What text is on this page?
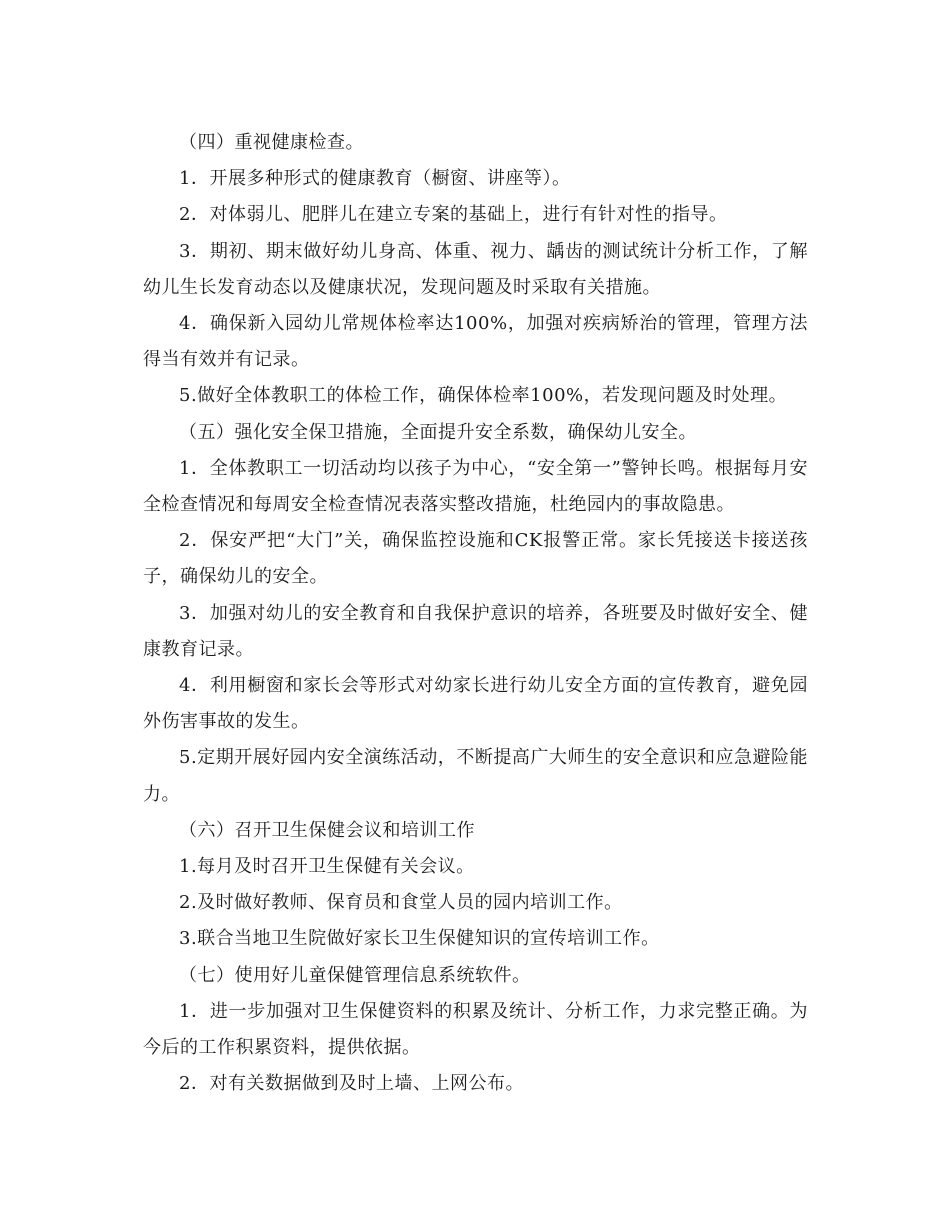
（四）重视健康检查。

1．开展多种形式的健康教育（橱窗、讲座等）。

2．对体弱儿、肥胖儿在建立专案的基础上，进行有针对性的指导。

3．期初、期末做好幼儿身高、体重、视力、龋齿的测试统计分析工作，了解幼儿生长发育动态以及健康状况，发现问题及时采取有关措施。

4．确保新入园幼儿常规体检率达100%，加强对疾病矫治的管理，管理方法得当有效并有记录。

5.做好全体教职工的体检工作，确保体检率100%，若发现问题及时处理。

（五）强化安全保卫措施，全面提升安全系数，确保幼儿安全。

1．全体教职工一切活动均以孩子为中心，“安全第一”警钟长鸣。根据每月安全检查情况和每周安全检查情况表落实整改措施，杜绝园内的事故隐患。

2．保安严把“大门”关，确保监控设施和CK报警正常。家长凭接送卡接送孩子，确保幼儿的安全。

3．加强对幼儿的安全教育和自我保护意识的培养，各班要及时做好安全、健康教育记录。

4．利用橱窗和家长会等形式对幼家长进行幼儿安全方面的宣传教育，避免园外伤害事故的发生。

5.定期开展好园内安全演练活动，不断提高广大师生的安全意识和应急避险能力。

（六）召开卫生保健会议和培训工作

1.每月及时召开卫生保健有关会议。

2.及时做好教师、保育员和食堂人员的园内培训工作。

3.联合当地卫生院做好家长卫生保健知识的宣传培训工作。

（七）使用好儿童保健管理信息系统软件。

1．进一步加强对卫生保健资料的积累及统计、分析工作，力求完整正确。为今后的工作积累资料，提供依据。

2．对有关数据做到及时上墙、上网公布。
